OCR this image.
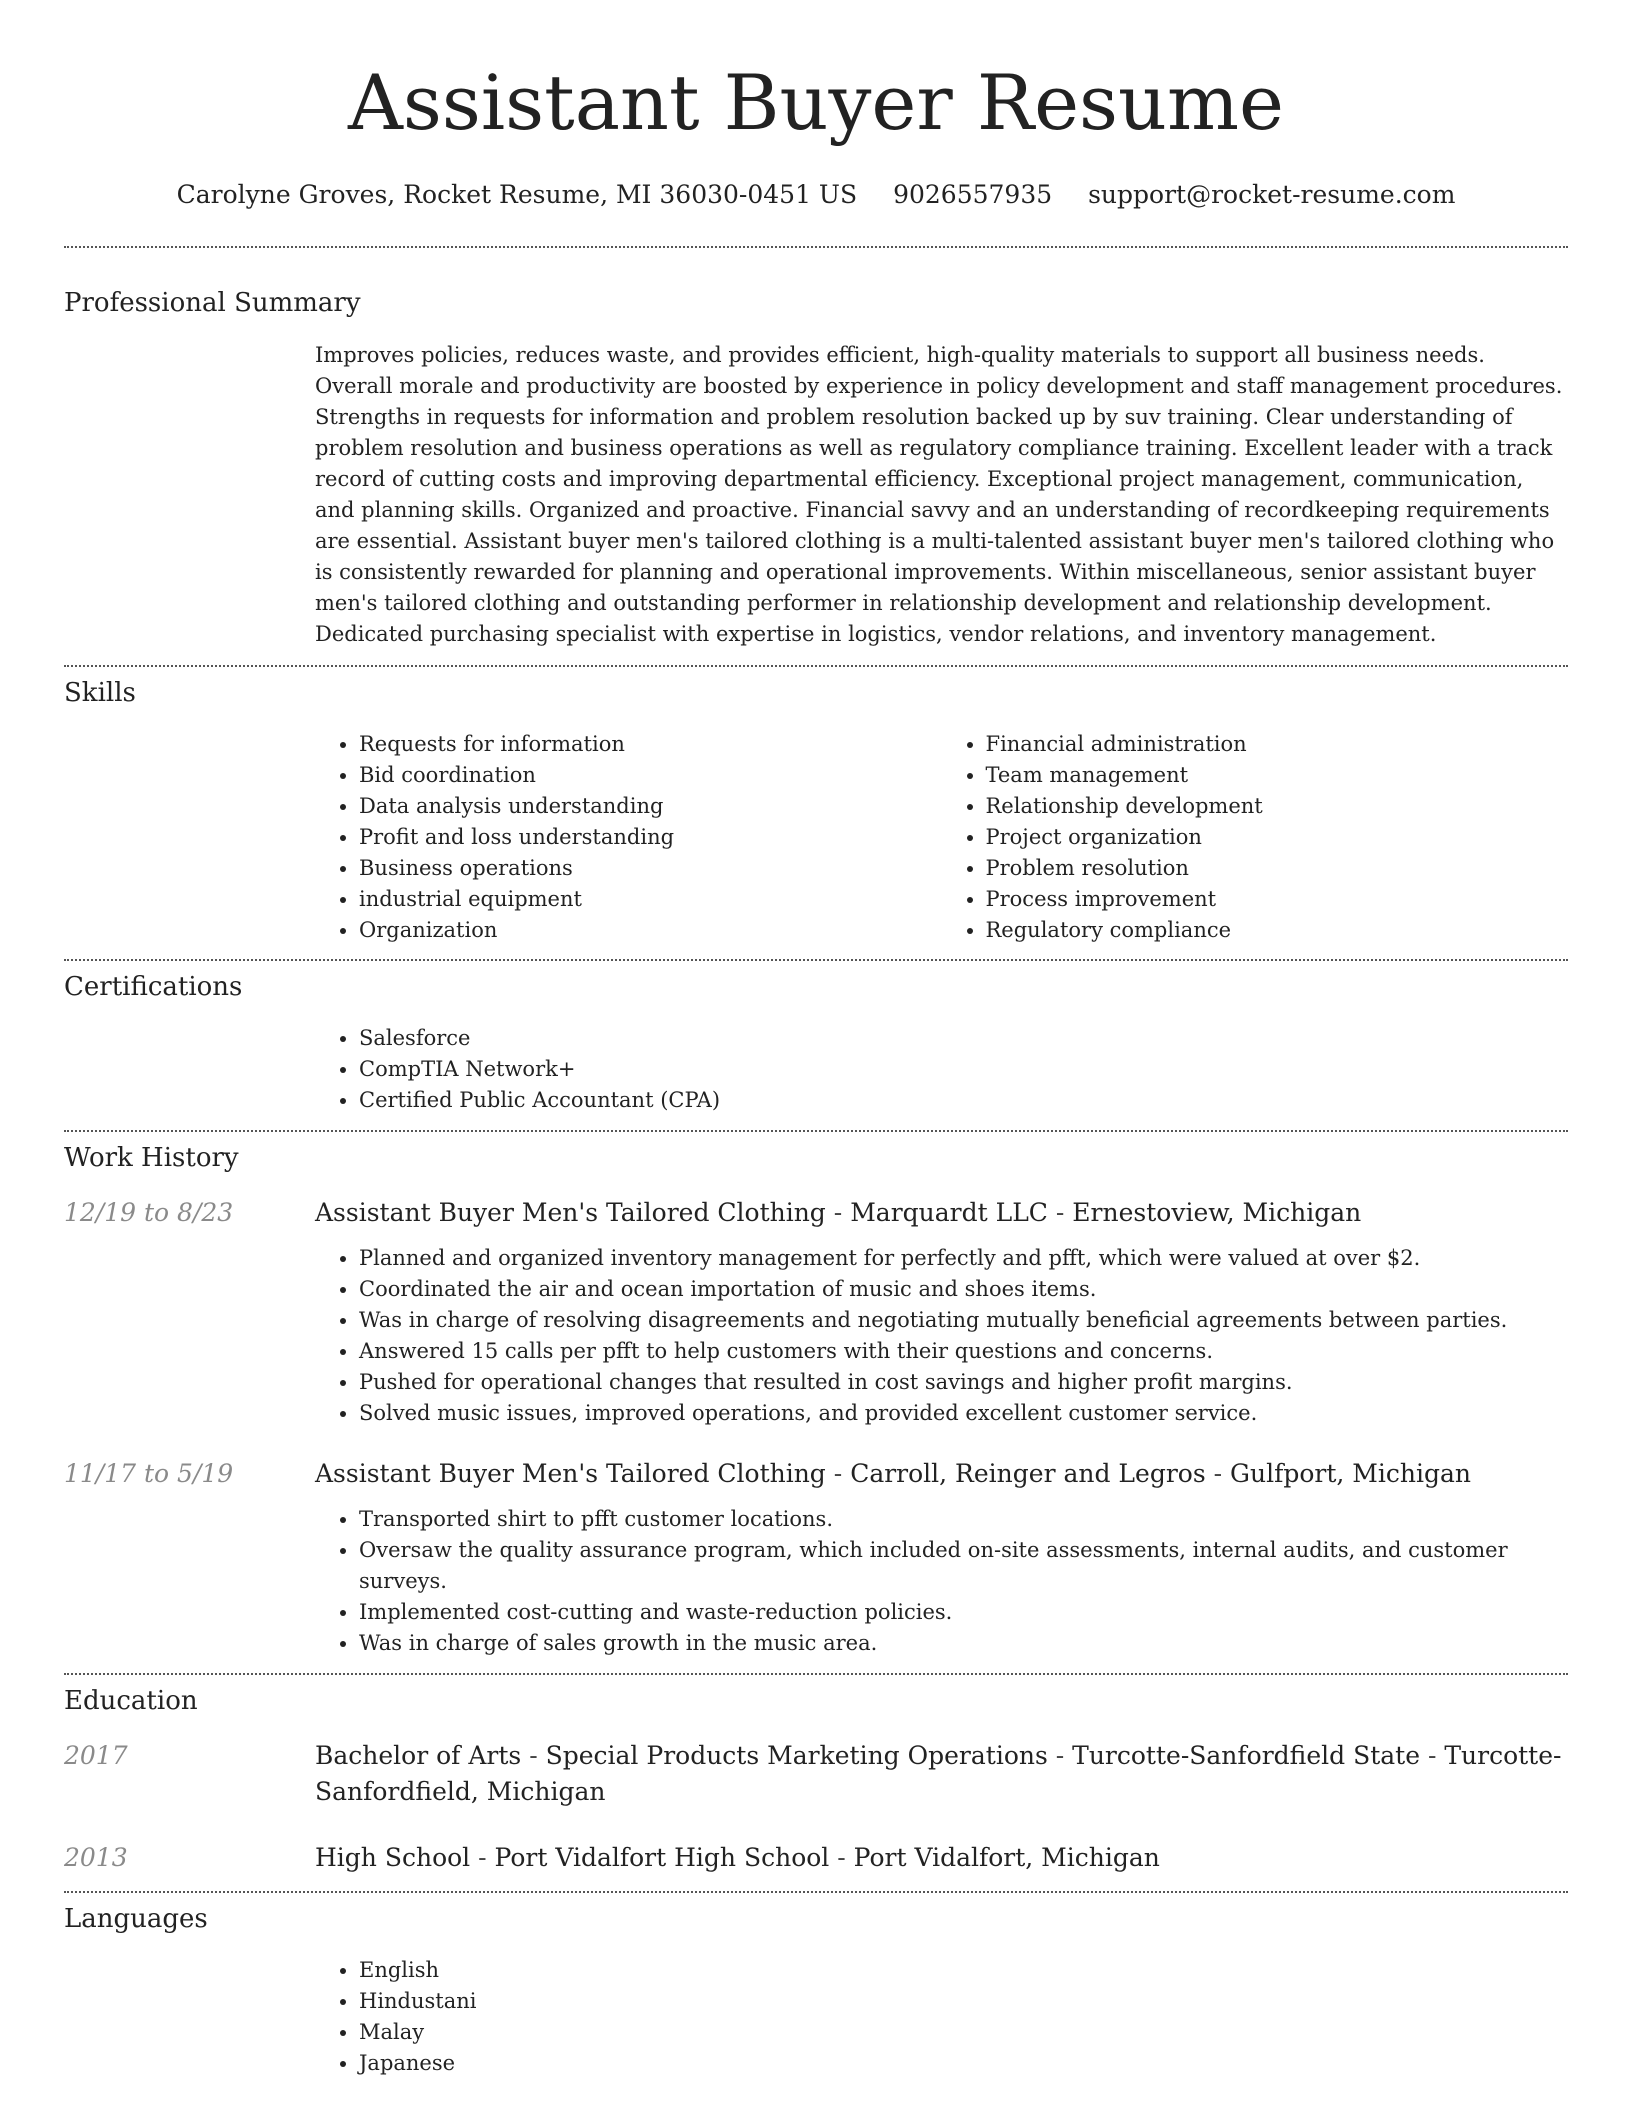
Assistant Buyer Resume
Carolyne Groves, Rocket Resume, MI 36030-0451 US 9026557935 support@rocket-resume.com
Professional Summary

Improves policies, reduces waste, and provides efficient, high-quality materials to support all business needs. Overall morale and productivity are boosted by experience in policy development and staff management procedures. Strengths in requests for information and problem resolution backed up by suv training. Clear understanding of problem resolution and business operations as well as regulatory compliance training. Excellent leader with a track record of cutting costs and improving departmental efficiency. Exceptional project management, communication, and planning skills. Organized and proactive. Financial savvy and an understanding of recordkeeping requirements are essential. Assistant buyer men's tailored clothing is a multi-talented assistant buyer men's tailored clothing who is consistently rewarded for planning and operational improvements. Within miscellaneous, senior assistant buyer men's tailored clothing and outstanding performer in relationship development and relationship development. Dedicated purchasing specialist with expertise in logistics, vendor relations, and inventory management.

Skills
• Requests for information
• Bid coordination
• Data analysis understanding
• Profit and loss understanding
• Business operations
• industrial equipment
• Organization
• Financial administration
• Team management
• Relationship development
• Project organization
• Problem resolution
• Process improvement
• Regulatory compliance
Certifications
• Salesforce
• CompTIA Network+
• Certified Public Accountant (CPA)
Work History
12/19 to 8/23	Assistant Buyer Men's Tailored Clothing - Marquardt LLC - Ernestoview, Michigan
• Planned and organized inventory management for perfectly and pfft, which were valued at over $2.
• Coordinated the air and ocean importation of music and shoes items.
• Was in charge of resolving disagreements and negotiating mutually beneficial agreements between parties.
• Answered 15 calls per pfft to help customers with their questions and concerns.
• Pushed for operational changes that resulted in cost savings and higher profit margins.
• Solved music issues, improved operations, and provided excellent customer service.
11/17 to 5/19	Assistant Buyer Men's Tailored Clothing - Carroll, Reinger and Legros - Gulfport, Michigan
• Transported shirt to pfft customer locations.
• Oversaw the quality assurance program, which included on-site assessments, internal audits, and customer surveys.
• Implemented cost-cutting and waste-reduction policies.
• Was in charge of sales growth in the music area.
Education
2017	Bachelor of Arts - Special Products Marketing Operations - Turcotte-Sanfordfield State - Turcotte-Sanfordfield, Michigan
2013	High School - Port Vidalfort High School - Port Vidalfort, Michigan
Languages
• English
• Hindustani
• Malay
• Japanese
